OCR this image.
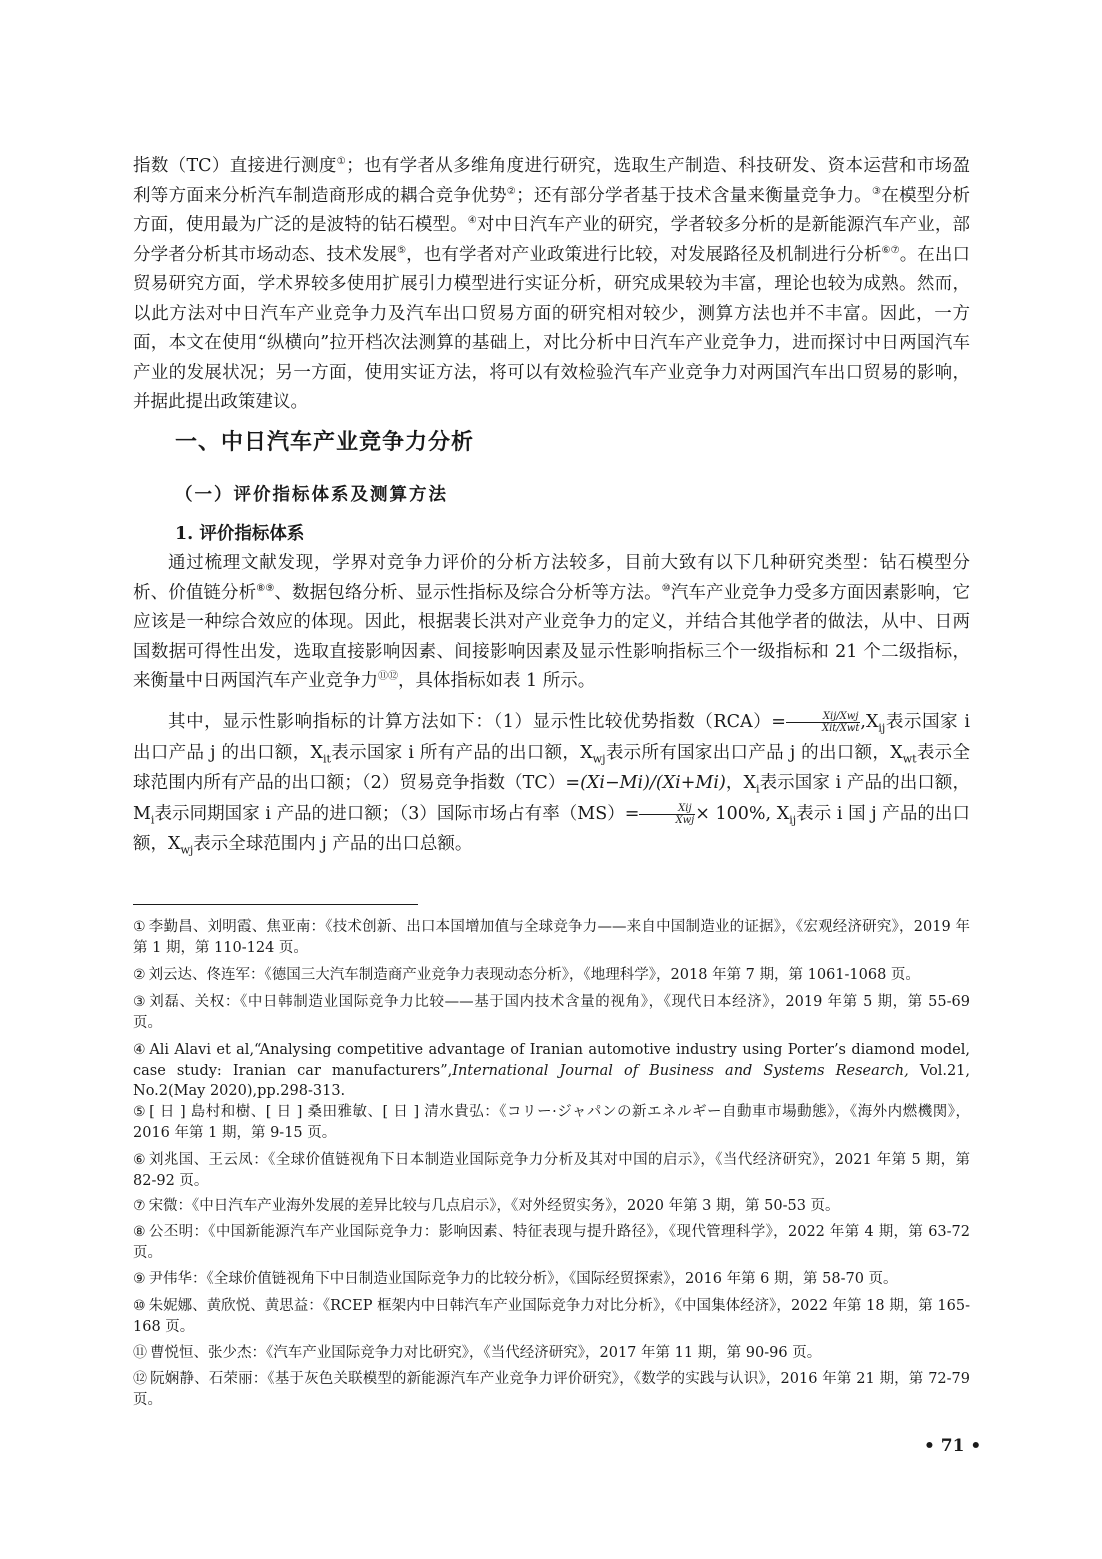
指数（TC）直接进行测度①；也有学者从多维角度进行研究，选取生产制造、科技研发、资本运营和市场盈利等方面来分析汽车制造商形成的耦合竞争优势②；还有部分学者基于技术含量来衡量竞争力。③在模型分析方面，使用最为广泛的是波特的钻石模型。④对中日汽车产业的研究，学者较多分析的是新能源汽车产业，部分学者分析其市场动态、技术发展⑤，也有学者对产业政策进行比较，对发展路径及机制进行分析⑥⑦。在出口贸易研究方面，学术界较多使用扩展引力模型进行实证分析，研究成果较为丰富，理论也较为成熟。然而，以此方法对中日汽车产业竞争力及汽车出口贸易方面的研究相对较少，测算方法也并不丰富。因此，一方面，本文在使用“纵横向”拉开档次法测算的基础上，对比分析中日汽车产业竞争力，进而探讨中日两国汽车产业的发展状况；另一方面，使用实证方法，将可以有效检验汽车产业竞争力对两国汽车出口贸易的影响，并据此提出政策建议。

一、中日汽车产业竞争力分析
（一）评价指标体系及测算方法
1. 评价指标体系

通过梳理文献发现，学界对竞争力评价的分析方法较多，目前大致有以下几种研究类型：钻石模型分析、价值链分析⑧⑨、数据包络分析、显示性指标及综合分析等方法。⑩汽车产业竞争力受多方面因素影响，它应该是一种综合效应的体现。因此，根据裴长洪对产业竞争力的定义，并结合其他学者的做法，从中、日两国数据可得性出发，选取直接影响因素、间接影响因素及显示性影响指标三个一级指标和 21 个二级指标，来衡量中日两国汽车产业竞争力⑪⑫，具体指标如表 1 所示。

其中，显示性影响指标的计算方法如下：（1）显示性比较优势指数$(RCA)= \frac{\text{Xij/Xwj}}{\text{Xit/Xwt}} ,X_{ij}$表示国家 i 出口产品 j 的出口额，$X_{it}$表示国家 i 所有产品的出口额，$X_{wj}$表示所有国家出口产品 j 的出口额，$X_{wt}$表示全球范围内所有产品的出口额；（2）贸易竞争指数（TC）=(Xi−Mi)/(Xi+Mi)，$X_i$表示国家 i 产品的出口额，$M_i$表示同期国家 i 产品的进口额；（3）国际市场占有率$(MS)= \frac{\text{Xij}}{\text{Xwj}} \times 100\%$, $X_{ij}$表示 i 国 j 产品的出口额，$X_{wj}$表示全球范围内 j 产品的出口总额。

① 李勤昌、刘明霞、焦亚南：《技术创新、出口本国增加值与全球竞争力——来自中国制造业的证据》，《宏观经济研究》，2019 年第 1 期，第 110-124 页。

② 刘云达、佟连军：《德国三大汽车制造商产业竞争力表现动态分析》，《地理科学》，2018 年第 7 期，第 1061-1068 页。

③ 刘磊、关权：《中日韩制造业国际竞争力比较——基于国内技术含量的视角》，《现代日本经济》，2019 年第 5 期，第 55-69 页。

④ Ali Alavi et al,“Analysing competitive advantage of Iranian automotive industry using Porter’s diamond model, case study: Iranian car manufacturers”,International Journal of Business and Systems Research, Vol.21, No.2(May 2020),pp.298-313.

⑤ [ 日 ] 島村和樹、[ 日 ] 桑田雅敏、[ 日 ] 清水貴弘：《コリー·ジャパンの新エネルギー自動車市場動態》，《海外内燃機関》，2016 年第 1 期，第 9-15 页。

⑥ 刘兆国、王云凤：《全球价值链视角下日本制造业国际竞争力分析及其对中国的启示》，《当代经济研究》，2021 年第 5 期，第 82-92 页。

⑦ 宋微：《中日汽车产业海外发展的差异比较与几点启示》，《对外经贸实务》，2020 年第 3 期，第 50-53 页。

⑧ 公丕明：《中国新能源汽车产业国际竞争力：影响因素、特征表现与提升路径》，《现代管理科学》，2022 年第 4 期，第 63-72 页。

⑨ 尹伟华：《全球价值链视角下中日制造业国际竞争力的比较分析》，《国际经贸探索》，2016 年第 6 期，第 58-70 页。

⑩ 朱妮娜、黄欣悦、黄思益：《RCEP 框架内中日韩汽车产业国际竞争力对比分析》，《中国集体经济》，2022 年第 18 期，第 165-168 页。

⑪ 曹悦恒、张少杰：《汽车产业国际竞争力对比研究》，《当代经济研究》，2017 年第 11 期，第 90-96 页。

⑫ 阮娴静、石荣丽：《基于灰色关联模型的新能源汽车产业竞争力评价研究》，《数学的实践与认识》，2016 年第 21 期，第 72-79 页。

• 71 •
